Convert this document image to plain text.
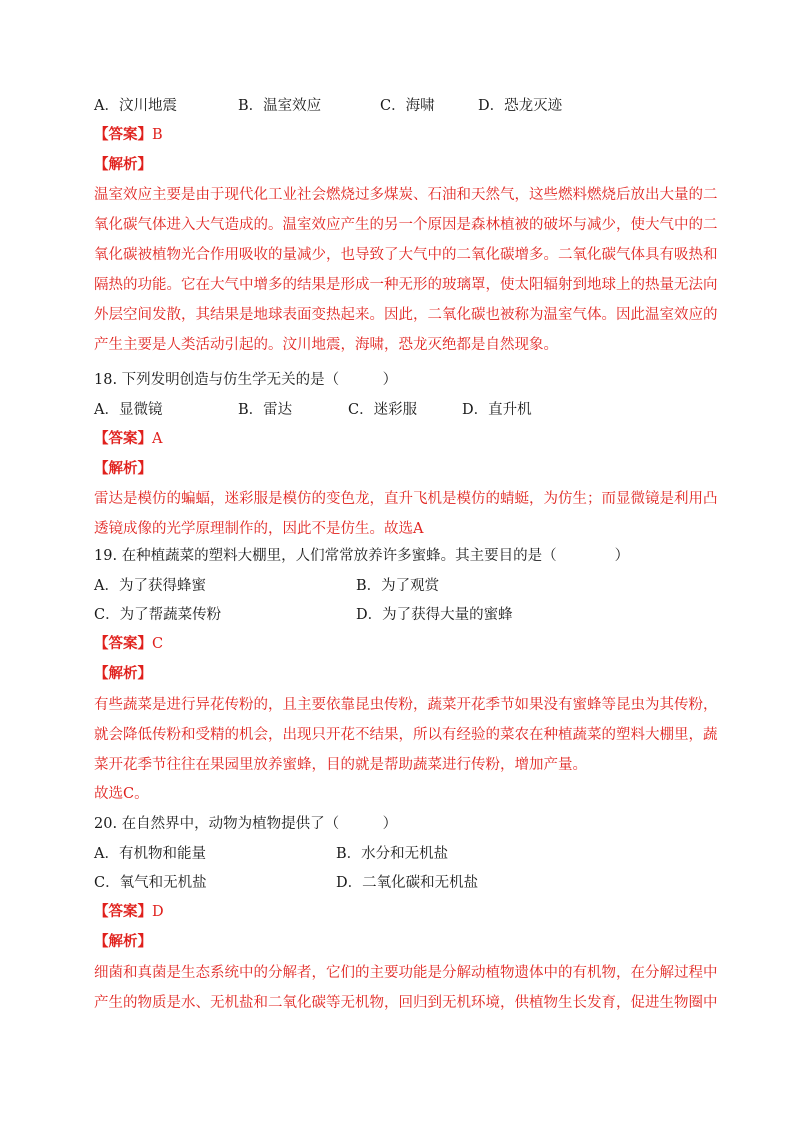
A．汶川地震	B．温室效应	C．海啸	D．恐龙灭迹
【答案】B
【解析】
温室效应主要是由于现代化工业社会燃烧过多煤炭、石油和天然气，这些燃料燃烧后放出大量的二
氧化碳气体进入大气造成的。温室效应产生的另一个原因是森林植被的破坏与减少，使大气中的二
氧化碳被植物光合作用吸收的量减少，也导致了大气中的二氧化碳增多。二氧化碳气体具有吸热和
隔热的功能。它在大气中增多的结果是形成一种无形的玻璃罩，使太阳辐射到地球上的热量无法向
外层空间发散，其结果是地球表面变热起来。因此，二氧化碳也被称为温室气体。因此温室效应的
产生主要是人类活动引起的。汶川地震，海啸，恐龙灭绝都是自然现象。
18. 下列发明创造与仿生学无关的是（　　　）
A．显微镜	B．雷达	C．迷彩服	D．直升机
【答案】A
【解析】
雷达是模仿的蝙蝠，迷彩服是模仿的变色龙，直升飞机是模仿的蜻蜓，为仿生；而显微镜是利用凸
透镜成像的光学原理制作的，因此不是仿生。故选A
19. 在种植蔬菜的塑料大棚里，人们常常放养许多蜜蜂。其主要目的是（　　　　）
A．为了获得蜂蜜	B．为了观赏
C．为了帮蔬菜传粉	D．为了获得大量的蜜蜂
【答案】C
【解析】
有些蔬菜是进行异花传粉的，且主要依靠昆虫传粉，蔬菜开花季节如果没有蜜蜂等昆虫为其传粉，
就会降低传粉和受精的机会，出现只开花不结果，所以有经验的菜农在种植蔬菜的塑料大棚里，蔬
菜开花季节往往在果园里放养蜜蜂，目的就是帮助蔬菜进行传粉，增加产量。
故选C。
20. 在自然界中，动物为植物提供了（　　　）
A．有机物和能量	B．水分和无机盐
C．氧气和无机盐	D．二氧化碳和无机盐
【答案】D
【解析】
细菌和真菌是生态系统中的分解者，它们的主要功能是分解动植物遗体中的有机物，在分解过程中
产生的物质是水、无机盐和二氧化碳等无机物，回归到无机环境，供植物生长发育，促进生物圈中
